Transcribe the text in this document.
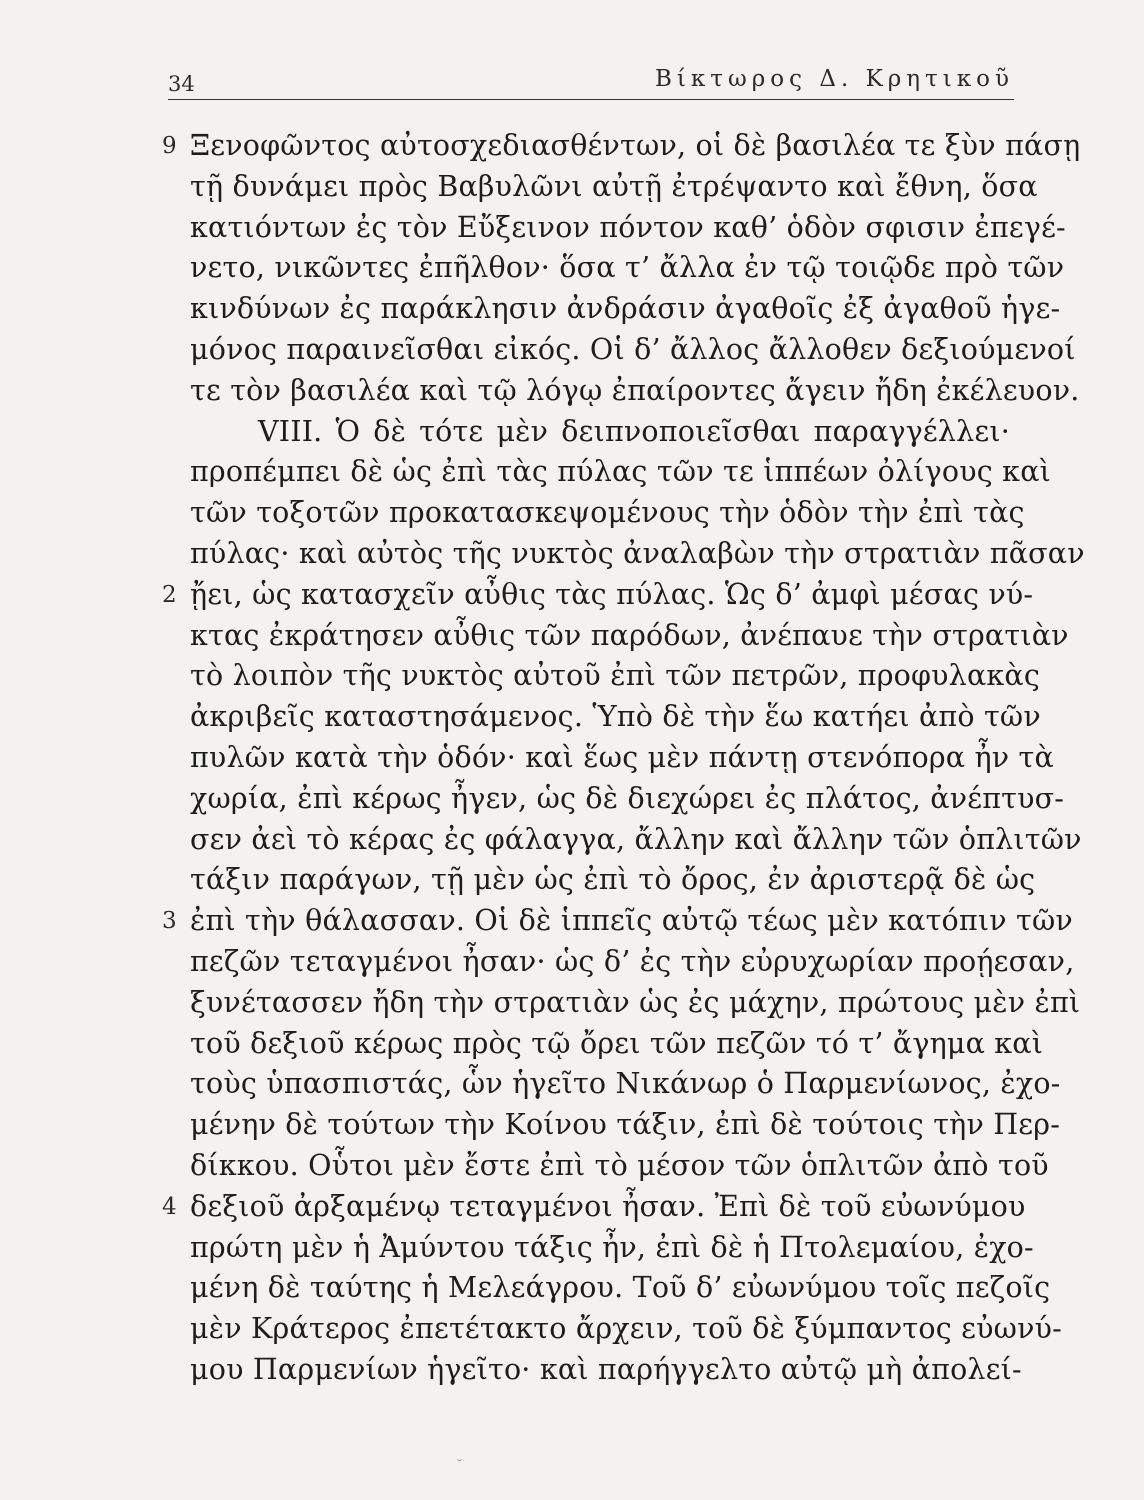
34	Βίκτωρος Δ. Κρητικοῦ
9 Ξενοφῶντος αὐτοσχεδιασθέντων, οἱ δὲ βασιλέα τε ξὺν πάσῃ
τῇ δυνάμει πρὸς Βαβυλῶνι αὐτῇ ἐτρέψαντο καὶ ἔθνη, ὅσα
κατιόντων ἐς τὸν Εὔξεινον πόντον καθ’ ὁδὸν σφισιν ἐπεγέ-
νετο, νικῶντες ἐπῆλθον· ὅσα τ’ ἄλλα ἐν τῷ τοιῷδε πρὸ τῶν
κινδύνων ἐς παράκλησιν ἀνδράσιν ἀγαθοῖς ἐξ ἀγαθοῦ ἡγε-
μόνος παραινεῖσθαι εἰκός. Οἱ δ’ ἄλλος ἄλλοθεν δεξιούμενοί
τε τὸν βασιλέα καὶ τῷ λόγῳ ἐπαίροντες ἄγειν ἤδη ἐκέλευον.
VIII. Ὁ δὲ τότε μὲν δειπνοποιεῖσθαι παραγγέλλει·
προπέμπει δὲ ὡς ἐπὶ τὰς πύλας τῶν τε ἱππέων ὀλίγους καὶ
τῶν τοξοτῶν προκατασκεψομένους τὴν ὁδὸν τὴν ἐπὶ τὰς
πύλας· καὶ αὐτὸς τῆς νυκτὸς ἀναλαβὼν τὴν στρατιὰν πᾶσαν
2 ᾔει, ὡς κατασχεῖν αὖθις τὰς πύλας. Ὡς δ’ ἀμφὶ μέσας νύ-
κτας ἐκράτησεν αὖθις τῶν παρόδων, ἀνέπαυε τὴν στρατιὰν
τὸ λοιπὸν τῆς νυκτὸς αὐτοῦ ἐπὶ τῶν πετρῶν, προφυλακὰς
ἀκριβεῖς καταστησάμενος. Ὑπὸ δὲ τὴν ἕω κατήει ἀπὸ τῶν
πυλῶν κατὰ τὴν ὁδόν· καὶ ἕως μὲν πάντῃ στενόπορα ἦν τὰ
χωρία, ἐπὶ κέρως ἦγεν, ὡς δὲ διεχώρει ἐς πλάτος, ἀνέπτυσ-
σεν ἀεὶ τὸ κέρας ἐς φάλαγγα, ἄλλην καὶ ἄλλην τῶν ὁπλιτῶν
τάξιν παράγων, τῇ μὲν ὡς ἐπὶ τὸ ὄρος, ἐν ἀριστερᾷ δὲ ὡς
3 ἐπὶ τὴν θάλασσαν. Οἱ δὲ ἱππεῖς αὐτῷ τέως μὲν κατόπιν τῶν
πεζῶν τεταγμένοι ἦσαν· ὡς δ’ ἐς τὴν εὐρυχωρίαν προῄεσαν,
ξυνέτασσεν ἤδη τὴν στρατιὰν ὡς ἐς μάχην, πρώτους μὲν ἐπὶ
τοῦ δεξιοῦ κέρως πρὸς τῷ ὄρει τῶν πεζῶν τό τ’ ἄγημα καὶ
τοὺς ὑπασπιστάς, ὧν ἡγεῖτο Νικάνωρ ὁ Παρμενίωνος, ἐχο-
μένην δὲ τούτων τὴν Κοίνου τάξιν, ἐπὶ δὲ τούτοις τὴν Περ-
δίκκου. Οὗτοι μὲν ἔστε ἐπὶ τὸ μέσον τῶν ὁπλιτῶν ἀπὸ τοῦ
4 δεξιοῦ ἀρξαμένῳ τεταγμένοι ἦσαν. Ἐπὶ δὲ τοῦ εὐωνύμου
πρώτη μὲν ἡ Ἀμύντου τάξις ἦν, ἐπὶ δὲ ἡ Πτολεμαίου, ἐχο-
μένη δὲ ταύτης ἡ Μελεάγρου. Τοῦ δ’ εὐωνύμου τοῖς πεζοῖς
μὲν Κράτερος ἐπετέτακτο ἄρχειν, τοῦ δὲ ξύμπαντος εὐωνύ-
μου Παρμενίων ἡγεῖτο· καὶ παρήγγελτο αὐτῷ μὴ ἀπολεί-
˘
